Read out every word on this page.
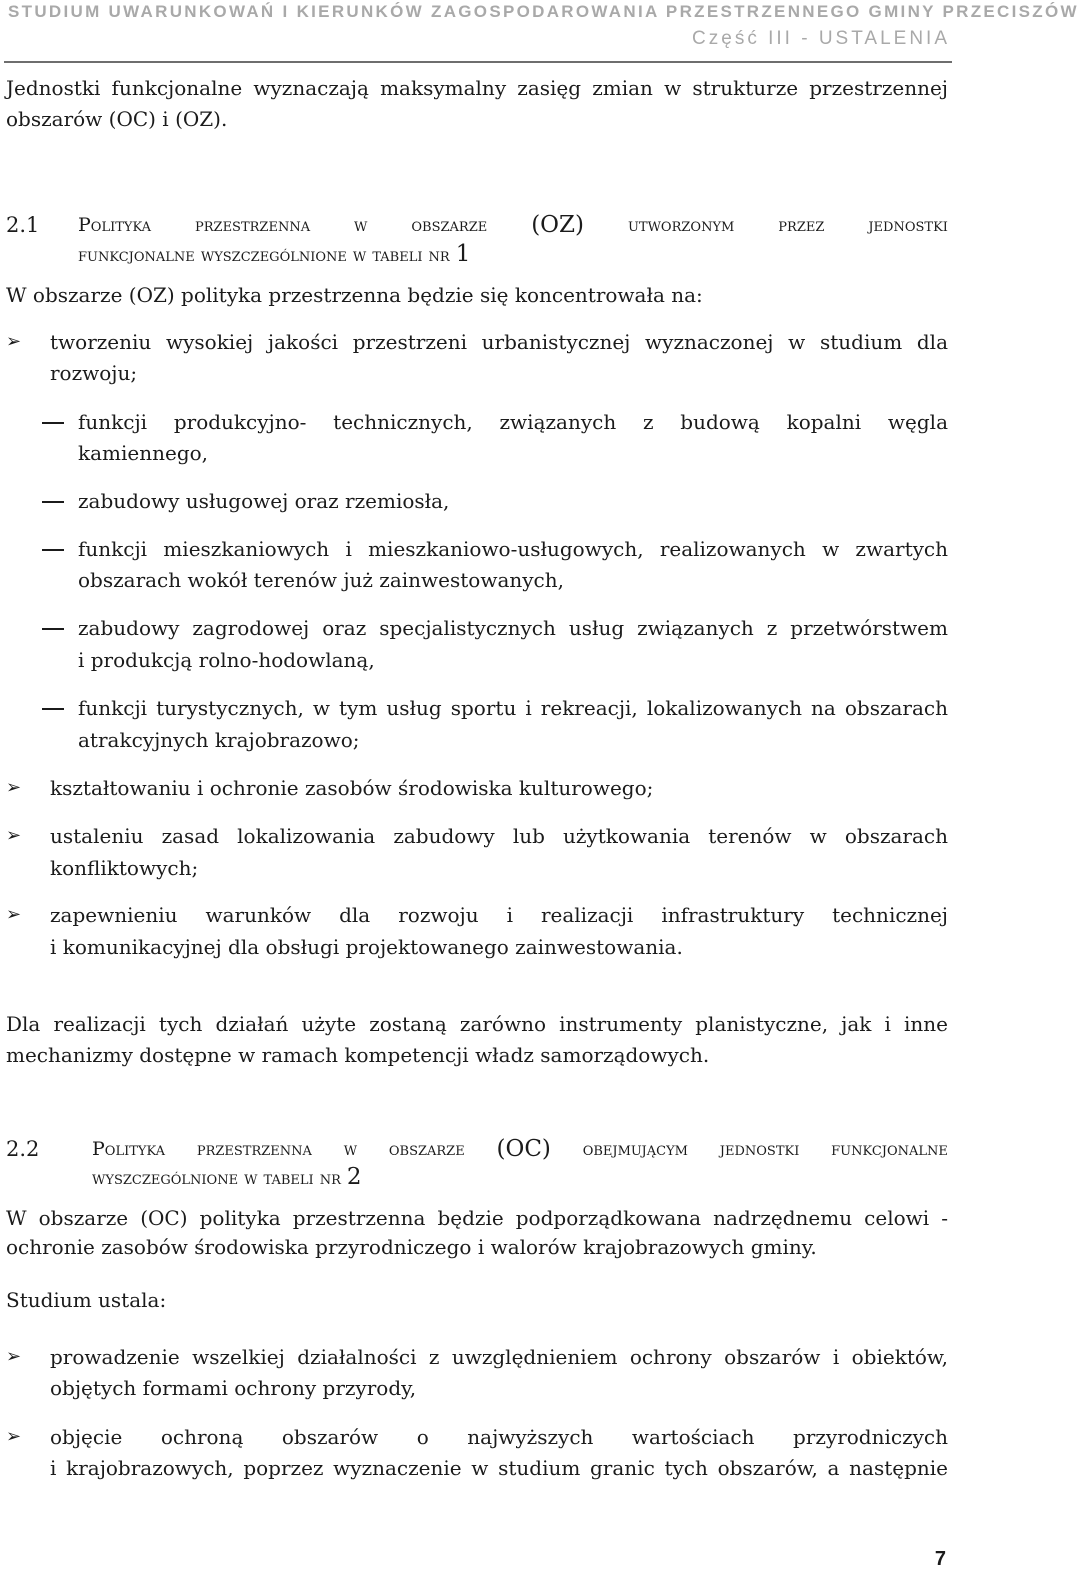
STUDIUM UWARUNKOWAŃ I KIERUNKÓW ZAGOSPODAROWANIA PRZESTRZENNEGO GMINY PRZECISZÓW
Część III - USTALENIA
Jednostki funkcjonalne wyznaczają maksymalny zasięg zmian w strukturze przestrzennej
obszarów (OC) i (OZ).
2.1 Polityka przestrzenna w obszarze (OZ) utworzonym przez jednostki
funkcjonalne wyszczególnione w tabeli nr 1
W obszarze (OZ) polityka przestrzenna będzie się koncentrowała na:
➢ tworzeniu wysokiej jakości przestrzeni urbanistycznej wyznaczonej w studium dla
rozwoju;
funkcji produkcyjno- technicznych, związanych z budową kopalni węgla
kamiennego,
zabudowy usługowej oraz rzemiosła,
funkcji mieszkaniowych i mieszkaniowo-usługowych, realizowanych w zwartych
obszarach wokół terenów już zainwestowanych,
zabudowy zagrodowej oraz specjalistycznych usług związanych z przetwórstwem
i produkcją rolno-hodowlaną,
funkcji turystycznych, w tym usług sportu i rekreacji, lokalizowanych na obszarach
atrakcyjnych krajobrazowo;
➢ kształtowaniu i ochronie zasobów środowiska kulturowego;
➢ ustaleniu zasad lokalizowania zabudowy lub użytkowania terenów w obszarach
konfliktowych;
➢ zapewnieniu warunków dla rozwoju i realizacji infrastruktury technicznej
i komunikacyjnej dla obsługi projektowanego zainwestowania.
Dla realizacji tych działań użyte zostaną zarówno instrumenty planistyczne, jak i inne
mechanizmy dostępne w ramach kompetencji władz samorządowych.
2.2	Polityka przestrzenna w obszarze (OC) obejmującym jednostki funkcjonalne
wyszczególnione w tabeli nr 2
W obszarze (OC) polityka przestrzenna będzie podporządkowana nadrzędnemu celowi -
ochronie zasobów środowiska przyrodniczego i walorów krajobrazowych gminy.
Studium ustala:
➢ prowadzenie wszelkiej działalności z uwzględnieniem ochrony obszarów i obiektów,
objętych formami ochrony przyrody,
➢ objęcie ochroną obszarów o najwyższych wartościach przyrodniczych
i krajobrazowych, poprzez wyznaczenie w studium granic tych obszarów, a następnie
7
